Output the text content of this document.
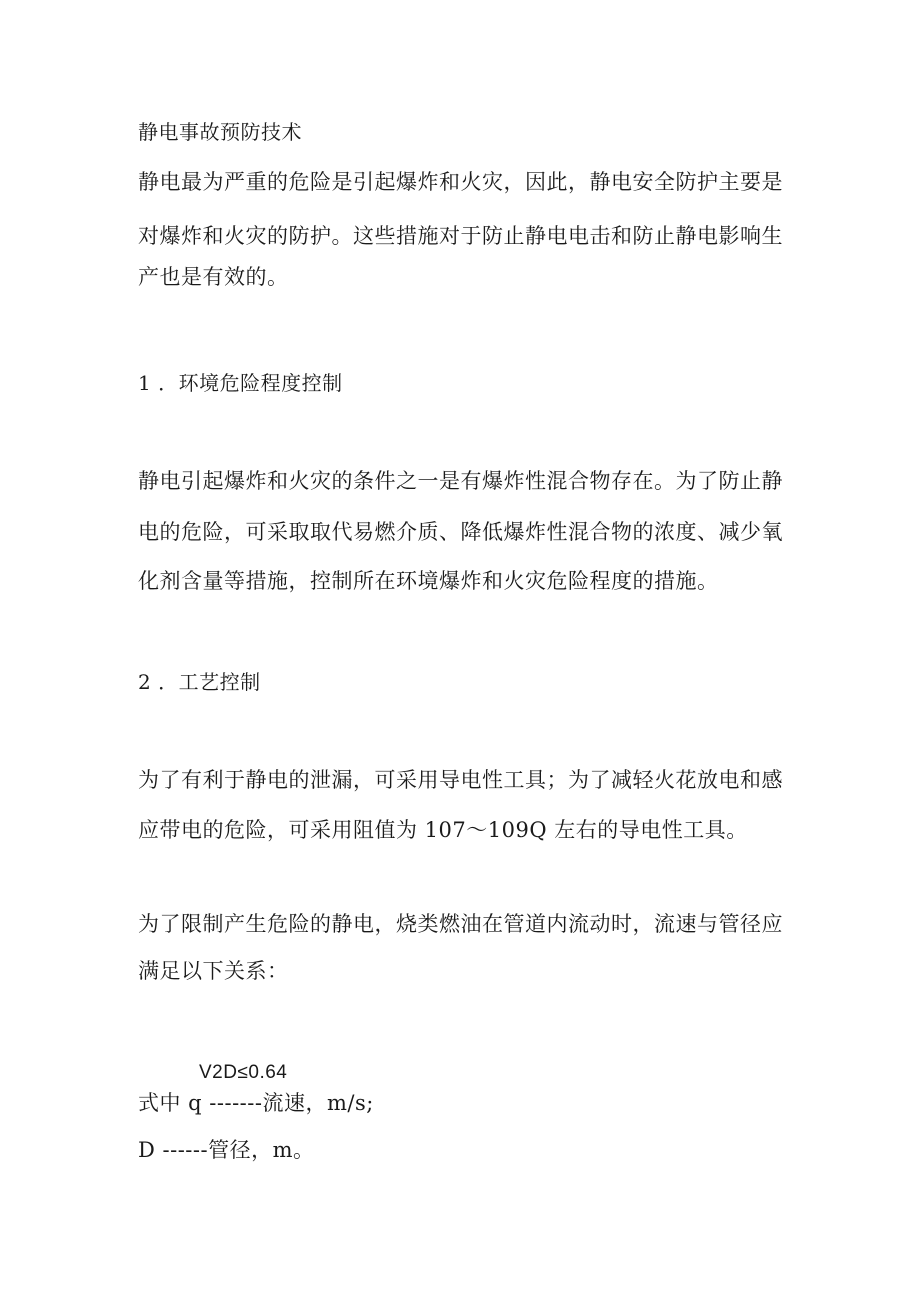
静电事故预防技术
静电最为严重的危险是引起爆炸和火灾，因此，静电安全防护主要是
对爆炸和火灾的防护。这些措施对于防止静电电击和防止静电影响生
产也是有效的。
1 ．环境危险程度控制
静电引起爆炸和火灾的条件之一是有爆炸性混合物存在。为了防止静
电的危险，可采取取代易燃介质、降低爆炸性混合物的浓度、减少氧
化剂含量等措施，控制所在环境爆炸和火灾危险程度的措施。
2 ．工艺控制
为了有利于静电的泄漏，可采用导电性工具；为了减轻火花放电和感
应带电的危险，可采用阻值为 107～109Q 左右的导电性工具。
为了限制产生危险的静电，烧类燃油在管道内流动时，流速与管径应
满足以下关系：
V2D≤0.64
式中 q -------流速，m/s;
D ------管径，m。
